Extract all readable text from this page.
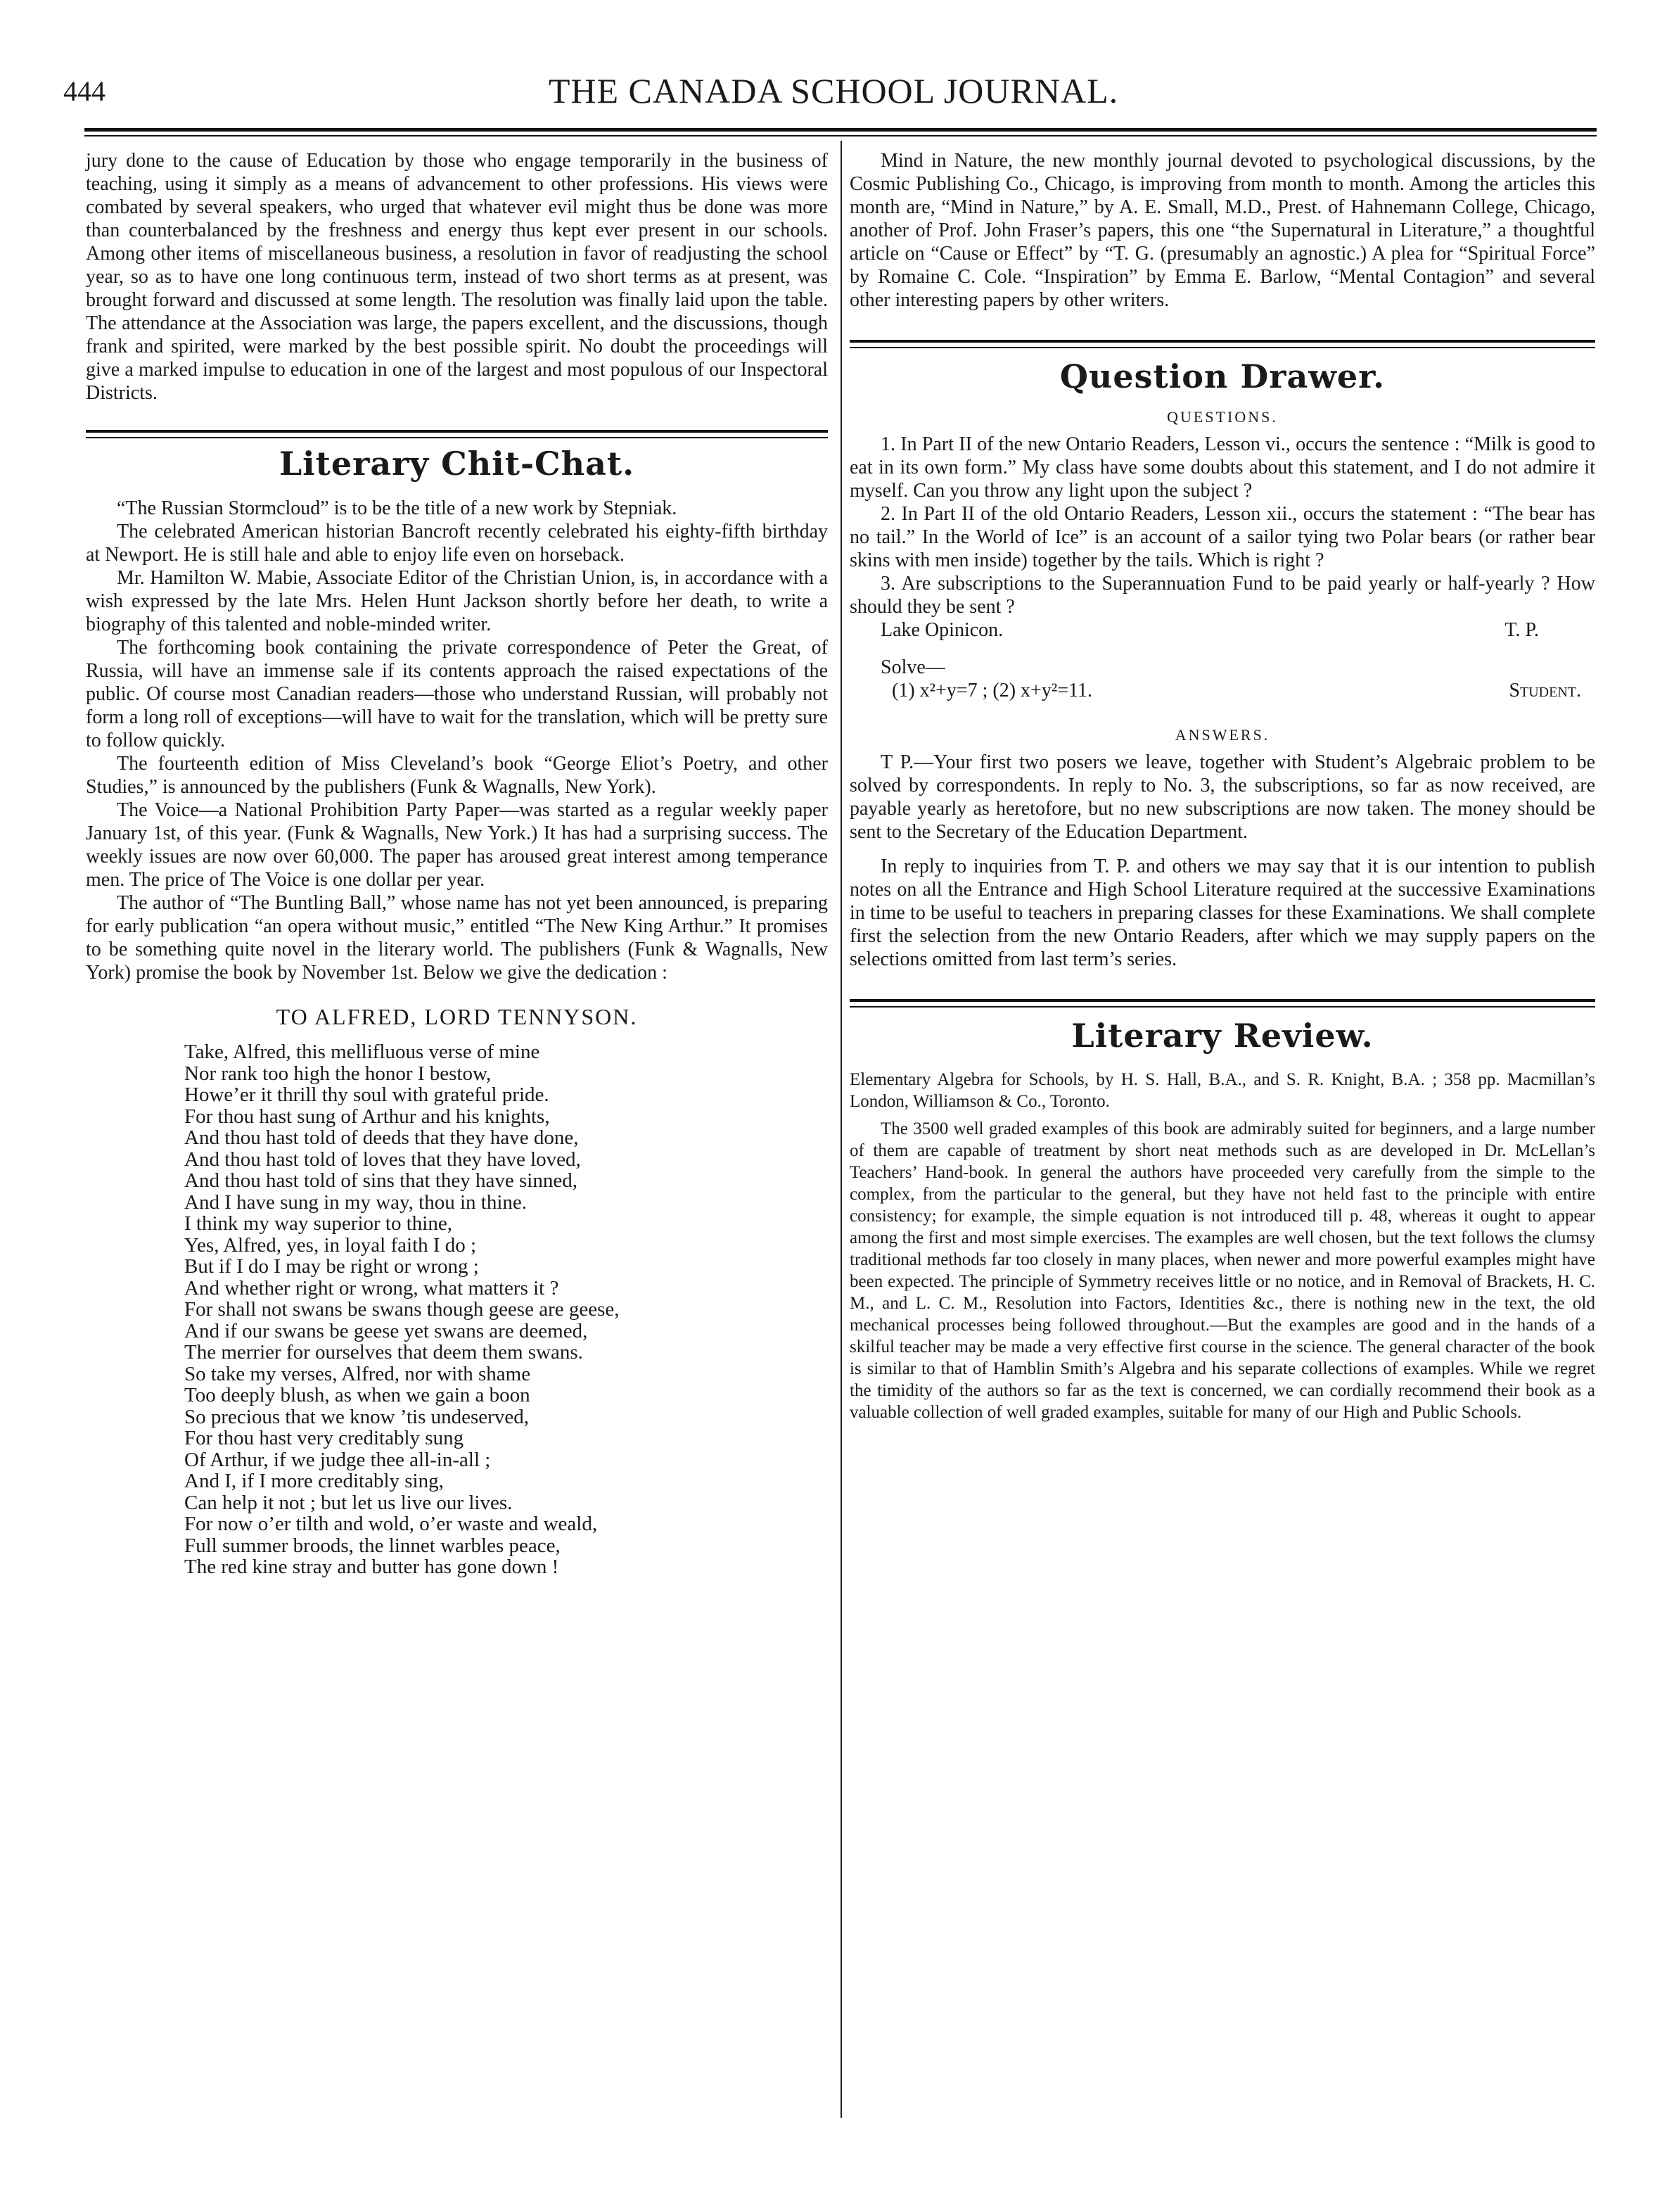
444	THE CANADA SCHOOL JOURNAL.

jury done to the cause of Education by those who engage temporarily in the business of teaching, using it simply as a means of advancement to other professions. His views were combated by several speakers, who urged that whatever evil might thus be done was more than counterbalanced by the freshness and energy thus kept ever present in our schools. Among other items of miscellaneous business, a resolution in favor of readjusting the school year, so as to have one long continuous term, instead of two short terms as at present, was brought forward and discussed at some length. The resolution was finally laid upon the table. The attendance at the Association was large, the papers excellent, and the discussions, though frank and spirited, were marked by the best possible spirit. No doubt the proceedings will give a marked impulse to education in one of the largest and most populous of our Inspectoral Districts.

Literary Chit-Chat.

“The Russian Stormcloud” is to be the title of a new work by Stepniak.

The celebrated American historian Bancroft recently celebrated his eighty-fifth birthday at Newport. He is still hale and able to enjoy life even on horseback.

Mr. Hamilton W. Mabie, Associate Editor of the Christian Union, is, in accordance with a wish expressed by the late Mrs. Helen Hunt Jackson shortly before her death, to write a biography of this talented and noble-minded writer.

The forthcoming book containing the private correspondence of Peter the Great, of Russia, will have an immense sale if its contents approach the raised expectations of the public. Of course most Canadian readers—those who understand Russian, will probably not form a long roll of exceptions—will have to wait for the translation, which will be pretty sure to follow quickly.

The fourteenth edition of Miss Cleveland’s book “George Eliot’s Poetry, and other Studies,” is announced by the publishers (Funk & Wagnalls, New York).

The Voice—a National Prohibition Party Paper—was started as a regular weekly paper January 1st, of this year. (Funk & Wagnalls, New York.) It has had a surprising success. The weekly issues are now over 60,000. The paper has aroused great interest among temperance men. The price of The Voice is one dollar per year.

The author of “The Buntling Ball,” whose name has not yet been announced, is preparing for early publication “an opera without music,” entitled “The New King Arthur.” It promises to be something quite novel in the literary world. The publishers (Funk & Wagnalls, New York) promise the book by November 1st. Below we give the dedication :

TO ALFRED, LORD TENNYSON.
Take, Alfred, this mellifluous verse of mine
Nor rank too high the honor I bestow,
Howe’er it thrill thy soul with grateful pride.
For thou hast sung of Arthur and his knights,
And thou hast told of deeds that they have done,
And thou hast told of loves that they have loved,
And thou hast told of sins that they have sinned,
And I have sung in my way, thou in thine.
I think my way superior to thine,
Yes, Alfred, yes, in loyal faith I do ;
But if I do I may be right or wrong ;
And whether right or wrong, what matters it ?
For shall not swans be swans though geese are geese,
And if our swans be geese yet swans are deemed,
The merrier for ourselves that deem them swans.
So take my verses, Alfred, nor with shame
Too deeply blush, as when we gain a boon
So precious that we know ’tis undeserved,
For thou hast very creditably sung
Of Arthur, if we judge thee all-in-all ;
And I, if I more creditably sing,
Can help it not ; but let us live our lives.
For now o’er tilth and wold, o’er waste and weald,
Full summer broods, the linnet warbles peace,
The red kine stray and butter has gone down !

Mind in Nature, the new monthly journal devoted to psychological discussions, by the Cosmic Publishing Co., Chicago, is improving from month to month. Among the articles this month are, “Mind in Nature,” by A. E. Small, M.D., Prest. of Hahnemann College, Chicago, another of Prof. John Fraser’s papers, this one “the Supernatural in Literature,” a thoughtful article on “Cause or Effect” by “T. G. (presumably an agnostic.) A plea for “Spiritual Force” by Romaine C. Cole. “Inspiration” by Emma E. Barlow, “Mental Contagion” and several other interesting papers by other writers.

Question Drawer.
QUESTIONS.

1. In Part II of the new Ontario Readers, Lesson vi., occurs the sentence : “Milk is good to eat in its own form.” My class have some doubts about this statement, and I do not admire it myself. Can you throw any light upon the subject ?

2. In Part II of the old Ontario Readers, Lesson xii., occurs the statement : “The bear has no tail.” In the World of Ice” is an account of a sailor tying two Polar bears (or rather bear skins with men inside) together by the tails. Which is right ?

3. Are subscriptions to the Superannuation Fund to be paid yearly or half-yearly ? How should they be sent ?

Lake Opinicon.	T. P.

Solve—

(1) x²+y=7 ; (2) x+y²=11.	Student.
ANSWERS.

T P.—Your first two posers we leave, together with Student’s Algebraic problem to be solved by correspondents. In reply to No. 3, the subscriptions, so far as now received, are payable yearly as heretofore, but no new subscriptions are now taken. The money should be sent to the Secretary of the Education Department.

In reply to inquiries from T. P. and others we may say that it is our intention to publish notes on all the Entrance and High School Literature required at the successive Examinations in time to be useful to teachers in preparing classes for these Examinations. We shall complete first the selection from the new Ontario Readers, after which we may supply papers on the selections omitted from last term’s series.

Literary Review.

Elementary Algebra for Schools, by H. S. Hall, B.A., and S. R. Knight, B.A. ; 358 pp. Macmillan’s London, Williamson & Co., Toronto.

The 3500 well graded examples of this book are admirably suited for beginners, and a large number of them are capable of treatment by short neat methods such as are developed in Dr. McLellan’s Teachers’ Hand-book. In general the authors have proceeded very carefully from the simple to the complex, from the particular to the general, but they have not held fast to the principle with entire consistency; for example, the simple equation is not introduced till p. 48, whereas it ought to appear among the first and most simple exercises. The examples are well chosen, but the text follows the clumsy traditional methods far too closely in many places, when newer and more powerful examples might have been expected. The principle of Symmetry receives little or no notice, and in Removal of Brackets, H. C. M., and L. C. M., Resolution into Factors, Identities &c., there is nothing new in the text, the old mechanical processes being followed throughout.—But the examples are good and in the hands of a skilful teacher may be made a very effective first course in the science. The general character of the book is similar to that of Hamblin Smith’s Algebra and his separate collections of examples. While we regret the timidity of the authors so far as the text is concerned, we can cordially recommend their book as a valuable collection of well graded examples, suitable for many of our High and Public Schools.
